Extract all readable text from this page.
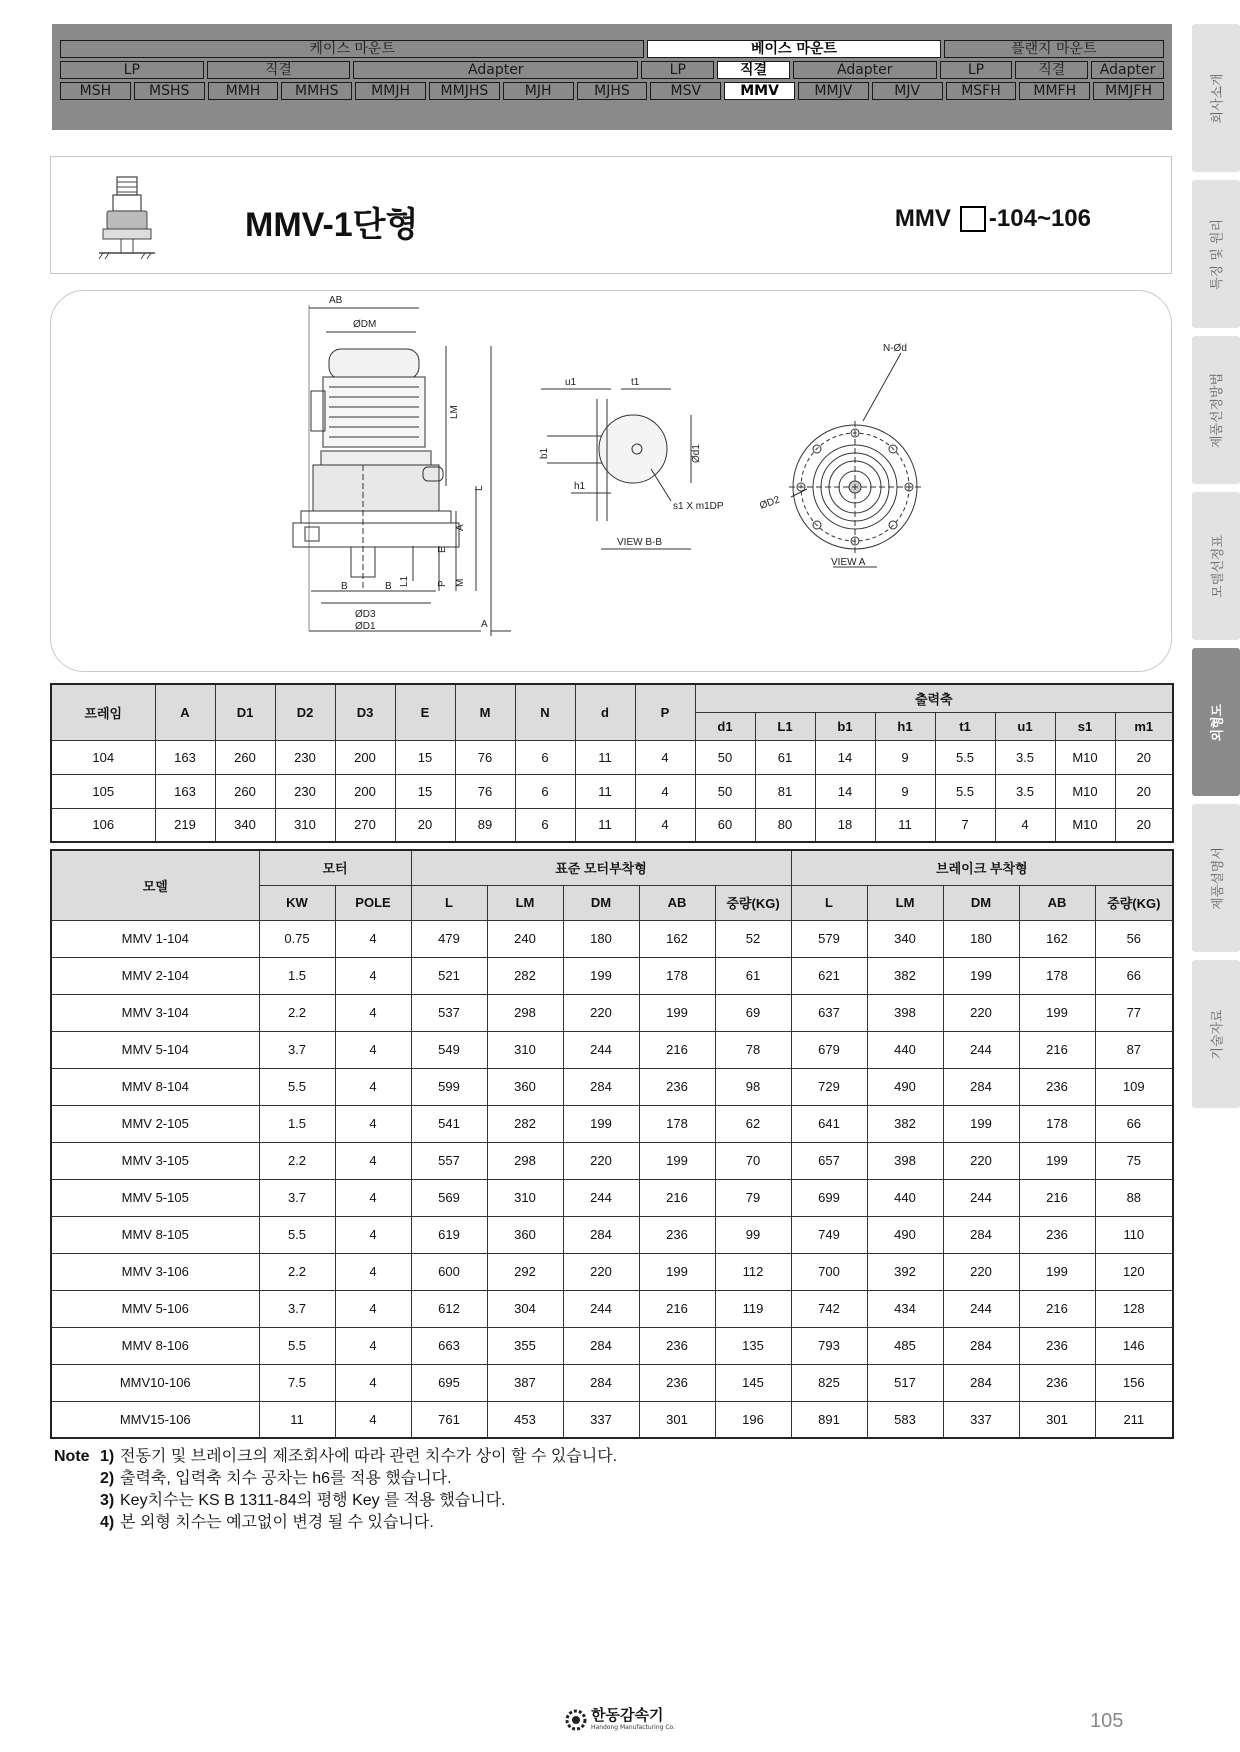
케이스 마운트	베이스 마운트	플랜지 마운트
LP	직결	Adapter	LP	직결	Adapter	LP	직결	Adapter
MSH	MSHS	MMH	MMHS	MMJH	MMJHS	MJH	MJHS	MSV	MMV	MMJV	MJV	MSFH	MMFH	MMJFH	회사소개
특징 및 원리
제품선정방법
모델선정표
외형도
제품설명서
기술자료
MMV-1단형	MMV -104~106
AB
ØDM
LM
L
A
E
P M
B	B L1
ØD3
ØD1	A
u1	t1
b1
h1
Ød1
s1 X m1DP
VIEW B-B
N-Ød
ØD2
VIEW A
프레임	A	D1	D2	D3	E	M	N	d	P	출력축							
										d1	L1	b1	h1	t1	u1	s1	m1
104	163	260	230	200	15	76	6	11	4	50	61	14	9	5.5	3.5	M10	20
105	163	260	230	200	15	76	6	11	4	50	81	14	9	5.5	3.5	M10	20
106	219	340	310	270	20	89	6	11	4	60	80	18	11	7	4	M10	20
모델	모터		표준 모터부착형					브레이크 부착형				
	KW	POLE	L	LM	DM	AB	중량(KG)	L	LM	DM	AB	중량(KG)
MMV 1-104	0.75	4	479	240	180	162	52	579	340	180	162	56
MMV 2-104	1.5	4	521	282	199	178	61	621	382	199	178	66
MMV 3-104	2.2	4	537	298	220	199	69	637	398	220	199	77
MMV 5-104	3.7	4	549	310	244	216	78	679	440	244	216	87
MMV 8-104	5.5	4	599	360	284	236	98	729	490	284	236	109
MMV 2-105	1.5	4	541	282	199	178	62	641	382	199	178	66
MMV 3-105	2.2	4	557	298	220	199	70	657	398	220	199	75
MMV 5-105	3.7	4	569	310	244	216	79	699	440	244	216	88
MMV 8-105	5.5	4	619	360	284	236	99	749	490	284	236	110
MMV 3-106	2.2	4	600	292	220	199	112	700	392	220	199	120
MMV 5-106	3.7	4	612	304	244	216	119	742	434	244	216	128
MMV 8-106	5.5	4	663	355	284	236	135	793	485	284	236	146
MMV10-106	7.5	4	695	387	284	236	145	825	517	284	236	156
MMV15-106	11	4	761	453	337	301	196	891	583	337	301	211
Note 1) 전동기 및 브레이크의 제조회사에 따라 관련 치수가 상이 할 수 있습니다.
2) 출력축, 입력축 치수 공차는 h6를 적용 했습니다.
3) Key치수는 KS B 1311-84의 평행 Key 를 적용 했습니다.
4) 본 외형 치수는 예고없이 변경 될 수 있습니다.
한동감속기
Handong Manufacturing Co.	105
